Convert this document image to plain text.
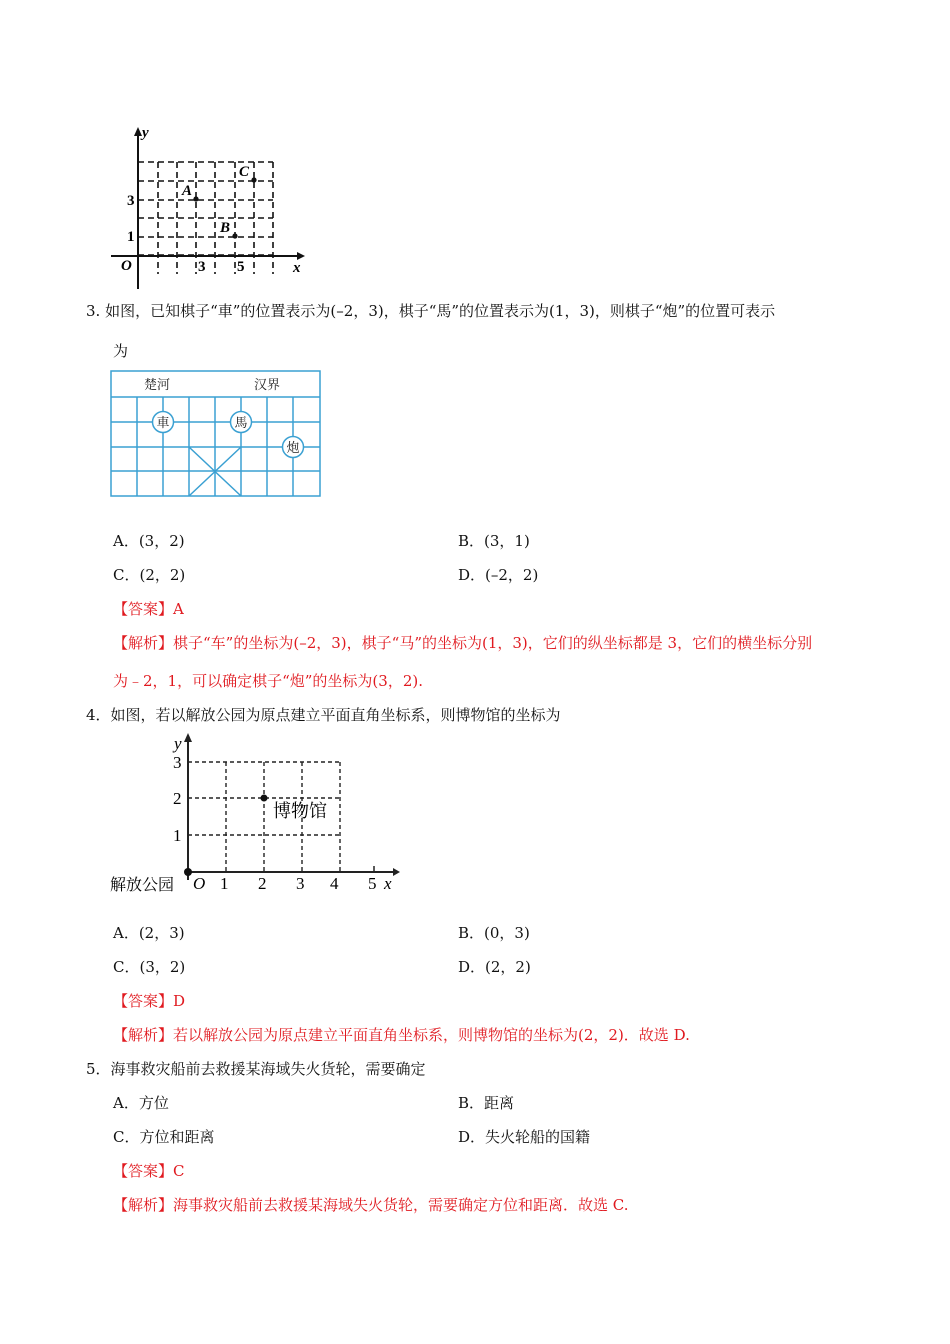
y
x
O
1
3
3 5
A
B
C
3. 如图，已知棋子“車”的位置表示为(–2，3)，棋子“馬”的位置表示为(1，3)，则棋子“炮”的位置可表示
为
楚河	汉界
車	馬
炮
A．(3，2)	B．(3，1)
C．(2，2)	D．(–2，2)
【答案】A
【解析】棋子“车”的坐标为(–2，3)，棋子“马”的坐标为(1，3)，它们的纵坐标都是 3，它们的横坐标分别
为﹣2，1，可以确定棋子“炮”的坐标为(3，2).
4．如图，若以解放公园为原点建立平面直角坐标系，则博物馆的坐标为
y
x
O
1
2
3
1 2 3 4 5
解放公园
博物馆
A．(2，3)	B．(0，3)
C．(3，2)	D．(2，2)
【答案】D
【解析】若以解放公园为原点建立平面直角坐标系，则博物馆的坐标为(2，2)．故选 D.
5．海事救灾船前去救援某海域失火货轮，需要确定
A．方位	B．距离
C．方位和距离	D．失火轮船的国籍
【答案】C
【解析】海事救灾船前去救援某海域失火货轮，需要确定方位和距离．故选 C.
